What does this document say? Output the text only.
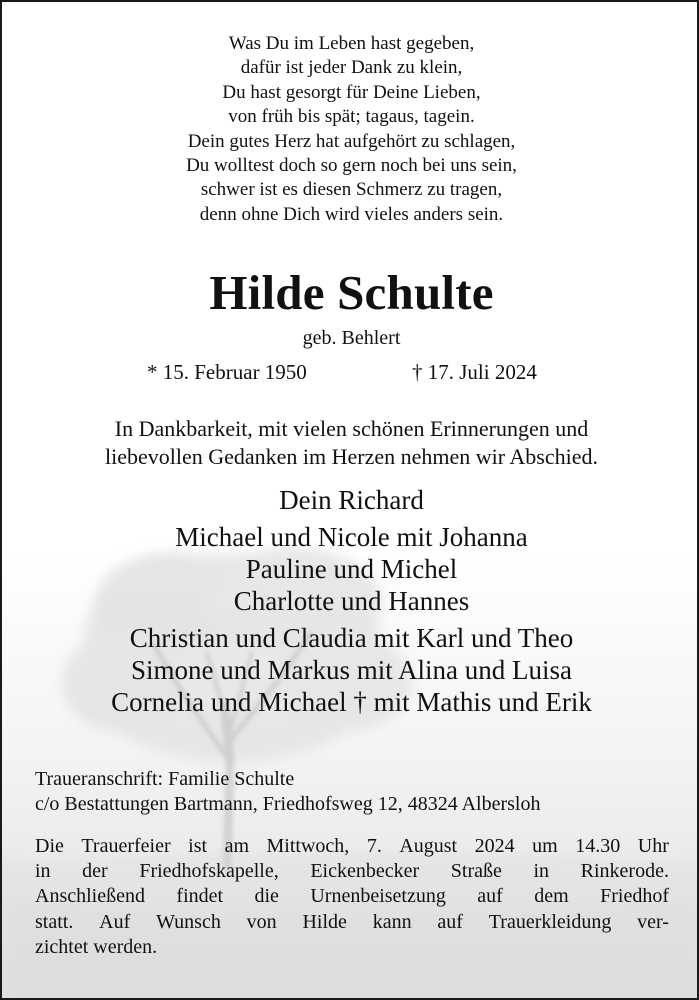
Was Du im Leben hast gegeben,
dafür ist jeder Dank zu klein,
Du hast gesorgt für Deine Lieben,
von früh bis spät; tagaus, tagein.
Dein gutes Herz hat aufgehört zu schlagen,
Du wolltest doch so gern noch bei uns sein,
schwer ist es diesen Schmerz zu tragen,
denn ohne Dich wird vieles anders sein.
Hilde Schulte
geb. Behlert
* 15. Februar 1950	† 17. Juli 2024
In Dankbarkeit, mit vielen schönen Erinnerungen und
liebevollen Gedanken im Herzen nehmen wir Abschied.
Dein Richard
Michael und Nicole mit Johanna
Pauline und Michel
Charlotte und Hannes
Christian und Claudia mit Karl und Theo
Simone und Markus mit Alina und Luisa
Cornelia und Michael † mit Mathis und Erik
Traueranschrift: Familie Schulte
c/o Bestattungen Bartmann, Friedhofsweg 12, 48324 Albersloh
Die Trauerfeier ist am Mittwoch, 7. August 2024 um 14.30 Uhr
in der Friedhofskapelle, Eickenbecker Straße in Rinkerode.
Anschließend findet die Urnenbeisetzung auf dem Friedhof
statt. Auf Wunsch von Hilde kann auf Trauerkleidung ver-
zichtet werden.
